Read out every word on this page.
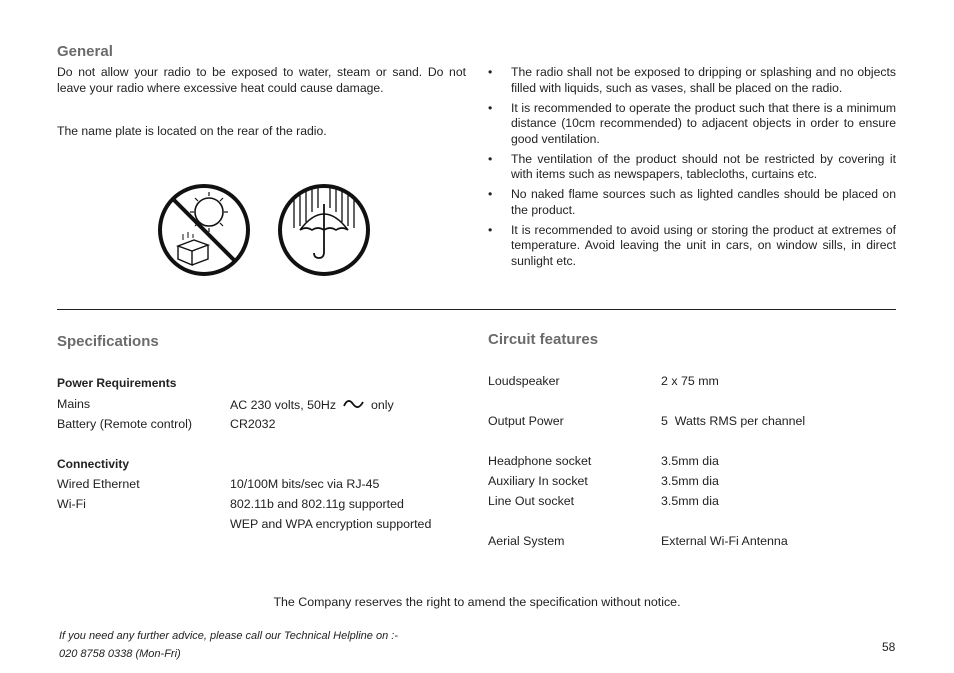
General
Do not allow your radio to be exposed to water, steam or sand. Do not leave your radio where excessive heat could cause damage.
The name plate is located on the rear of the radio.
• The radio shall not be exposed to dripping or splashing and no objects filled with liquids, such as vases, shall be placed on the radio.
• It is recommended to operate the product such that there is a minimum distance (10cm recommended) to adjacent objects in order to ensure good ventilation.
• The ventilation of the product should not be restricted by covering it with items such as newspapers, tablecloths, curtains etc.
• No naked flame sources such as lighted candles should be placed on the product.
• It is recommended to avoid using or storing the product at extremes of temperature. Avoid leaving the unit in cars, on window sills, in direct sunlight etc.
Specifications
Power Requirements
Mains	AC 230 volts, 50Hz	only
Battery (Remote control)	CR2032
Connectivity
Wired Ethernet	10/100M bits/sec via RJ-45
Wi-Fi	802.11b and 802.11g supported
WEP and WPA encryption supported
Circuit features
Loudspeaker	2 x 75 mm
Output Power	5  Watts RMS per channel
Headphone socket	3.5mm dia
Auxiliary In socket	3.5mm dia
Line Out socket	3.5mm dia
Aerial System	External Wi-Fi Antenna
The Company reserves the right to amend the specification without notice.
If you need any further advice, please call our Technical Helpline on :-
020 8758 0338 (Mon-Fri)	58
